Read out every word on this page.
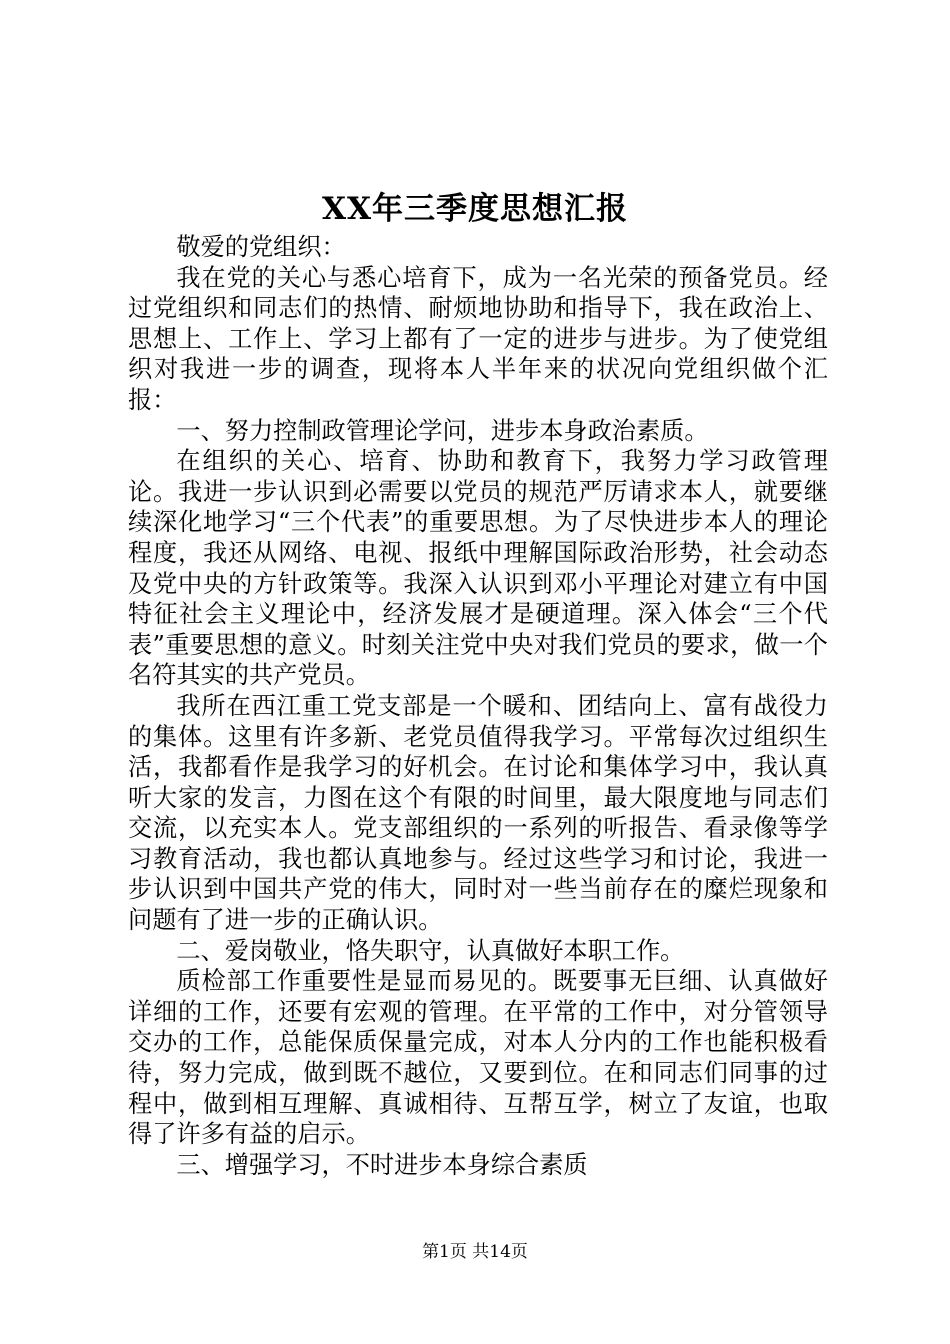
XX年三季度思想汇报

敬爱的党组织：

我在党的关心与悉心培育下，成为一名光荣的预备党员。经过党组织和同志们的热情、耐烦地协助和指导下，我在政治上、思想上、工作上、学习上都有了一定的进步与进步。为了使党组织对我进一步的调查，现将本人半年来的状况向党组织做个汇报：

一、努力控制政管理论学问，进步本身政治素质。

在组织的关心、培育、协助和教育下，我努力学习政管理论。我进一步认识到必需要以党员的规范严厉请求本人，就要继续深化地学习“三个代表”的重要思想。为了尽快进步本人的理论程度，我还从网络、电视、报纸中理解国际政治形势，社会动态及党中央的方针政策等。我深入认识到邓小平理论对建立有中国特征社会主义理论中，经济发展才是硬道理。深入体会“三个代表”重要思想的意义。时刻关注党中央对我们党员的要求，做一个名符其实的共产党员。

我所在西江重工党支部是一个暖和、团结向上、富有战役力的集体。这里有许多新、老党员值得我学习。平常每次过组织生活，我都看作是我学习的好机会。在讨论和集体学习中，我认真听大家的发言，力图在这个有限的时间里，最大限度地与同志们交流，以充实本人。党支部组织的一系列的听报告、看录像等学习教育活动，我也都认真地参与。经过这些学习和讨论，我进一步认识到中国共产党的伟大，同时对一些当前存在的糜烂现象和问题有了进一步的正确认识。

二、爱岗敬业，恪失职守，认真做好本职工作。

质检部工作重要性是显而易见的。既要事无巨细、认真做好详细的工作，还要有宏观的管理。在平常的工作中，对分管领导交办的工作，总能保质保量完成，对本人分内的工作也能积极看待，努力完成，做到既不越位，又要到位。在和同志们同事的过程中，做到相互理解、真诚相待、互帮互学，树立了友谊，也取得了许多有益的启示。

三、增强学习，不时进步本身综合素质

第1页 共14页
